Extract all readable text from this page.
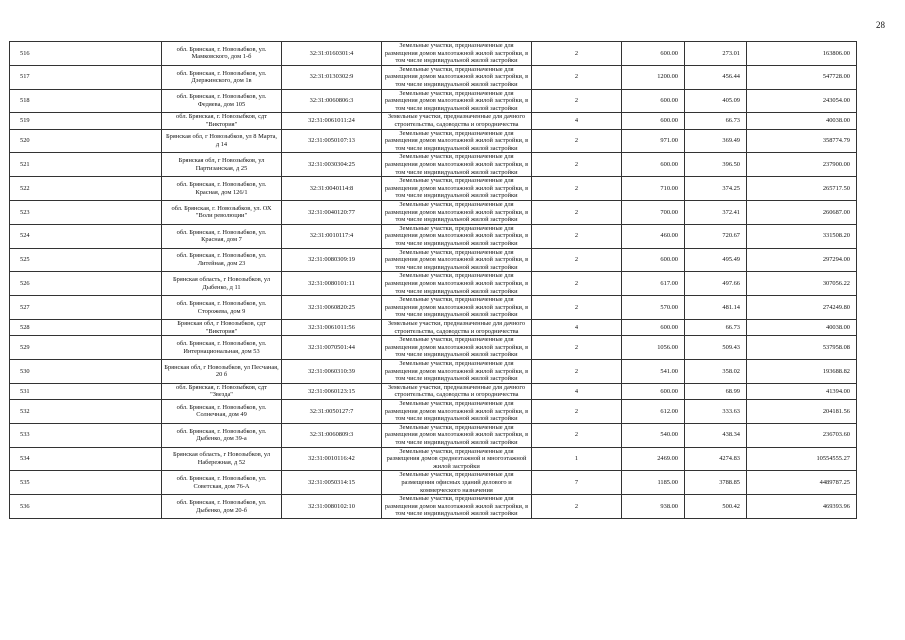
28
516	обл. Брянская, г. Новозыбков, ул. Мамковского, дом 1-б	32:31:0160301:4	Земельные участки, предназначенные для размещения домов малоэтажной жилой застройки, в том числе индивидуальной жилой застройки	2	600.00	273.01	163806.00
517	обл. Брянская, г. Новозыбков, ул. Дзержинского, дом 1в	32:31:0130302:9	Земельные участки, предназначенные для размещения домов малоэтажной жилой застройки, в том числе индивидуальной жилой застройки	2	1200.00	456.44	547728.00
518	обл. Брянская, г. Новозыбков, ул. Федяева, дом 105	32:31:0060806:3	Земельные участки, предназначенные для размещения домов малоэтажной жилой застройки, в том числе индивидуальной жилой застройки	2	600.00	405.09	243054.00
519	обл. Брянская, г. Новозыбков, сдт "Виктория"	32:31:0061011:24	Земельные участки, предназначенные для дачного строительства, садоводства и огородничества	4	600.00	66.73	40038.00
520	Брянская обл, г Новозыбков, ул 8 Марта, д 14	32:31:0050107:13	Земельные участки, предназначенные для размещения домов малоэтажной жилой застройки, в том числе индивидуальной жилой застройки	2	971.00	369.49	358774.79
521	Брянская обл, г Новозыбков, ул Партизанская, д 25	32:31:0030304:25	Земельные участки, предназначенные для размещения домов малоэтажной жилой застройки, в том числе индивидуальной жилой застройки	2	600.00	396.50	237900.00
522	обл. Брянская, г. Новозыбков, ул. Красная, дом 126/1	32:31:0040114:8	Земельные участки, предназначенные для размещения домов малоэтажной жилой застройки, в том числе индивидуальной жилой застройки	2	710.00	374.25	265717.50
523	обл. Брянская, г. Новозыбков, ул. ОХ "Воли революции"	32:31:0040120:77	Земельные участки, предназначенные для размещения домов малоэтажной жилой застройки, в том числе индивидуальной жилой застройки	2	700.00	372.41	260687.00
524	обл. Брянская, г. Новозыбков, ул. Красная, дом 7	32:31:0010117:4	Земельные участки, предназначенные для размещения домов малоэтажной жилой застройки, в том числе индивидуальной жилой застройки	2	460.00	720.67	331508.20
525	обл. Брянская, г. Новозыбков, ул. Литейная, дом 23	32:31:0080309:19	Земельные участки, предназначенные для размещения домов малоэтажной жилой застройки, в том числе индивидуальной жилой застройки	2	600.00	495.49	297294.00
526	Брянская область, г Новозыбков, ул Дыбенко, д 11	32:31:0080101:11	Земельные участки, предназначенные для размещения домов малоэтажной жилой застройки, в том числе индивидуальной жилой застройки	2	617.00	497.66	307056.22
527	обл. Брянская, г. Новозыбков, ул. Сторожева, дом 9	32:31:0060820:25	Земельные участки, предназначенные для размещения домов малоэтажной жилой застройки, в том числе индивидуальной жилой застройки	2	570.00	481.14	274249.80
528	Брянская обл, г Новозыбков, сдт "Виктория"	32:31:0061011:56	Земельные участки, предназначенные для дачного строительства, садоводства и огородничества	4	600.00	66.73	40038.00
529	обл. Брянская, г. Новозыбков, ул. Интернациональная, дом 53	32:31:0070501:44	Земельные участки, предназначенные для размещения домов малоэтажной жилой застройки, в том числе индивидуальной жилой застройки	2	1056.00	509.43	537958.08
530	Брянская обл, г Новозыбков, ул Песчаная, 20 б	32:31:0060310:39	Земельные участки, предназначенные для размещения домов малоэтажной жилой застройки, в том числе индивидуальной жилой застройки	2	541.00	358.02	193688.82
531	обл. Брянская, г. Новозыбков, сдт "Звезда"	32:31:0060123:15	Земельные участки, предназначенные для дачного строительства, садоводства и огородничества	4	600.00	68.99	41394.00
532	обл. Брянская, г. Новозыбков, ул. Солнечная, дом 49	32:31:0050127:7	Земельные участки, предназначенные для размещения домов малоэтажной жилой застройки, в том числе индивидуальной жилой застройки	2	612.00	333.63	204181.56
533	обл. Брянская, г. Новозыбков, ул. Дыбенко, дом 39-а	32:31:0060809:3	Земельные участки, предназначенные для размещения домов малоэтажной жилой застройки, в том числе индивидуальной жилой застройки	2	540.00	438.34	236703.60
534	Брянская область, г Новозыбков, ул Набережная, д 52	32:31:0010116:42	Земельные участки, предназначенные для размещения домов среднеэтажной и многоэтажной жилой застройки	1	2469.00	4274.83	10554555.27
535	обл. Брянская, г. Новозыбков, ул. Советская, дом 76-А	32:31:0050314:15	Земельные участки, предназначенные для размещения офисных зданий делового и коммерческого назначения	7	1185.00	3788.85	4489787.25
536	обл. Брянская, г. Новозыбков, ул. Дыбенко, дом 20-б	32:31:0080102:10	Земельные участки, предназначенные для размещения домов малоэтажной жилой застройки, в том числе индивидуальной жилой застройки	2	938.00	500.42	469393.96
